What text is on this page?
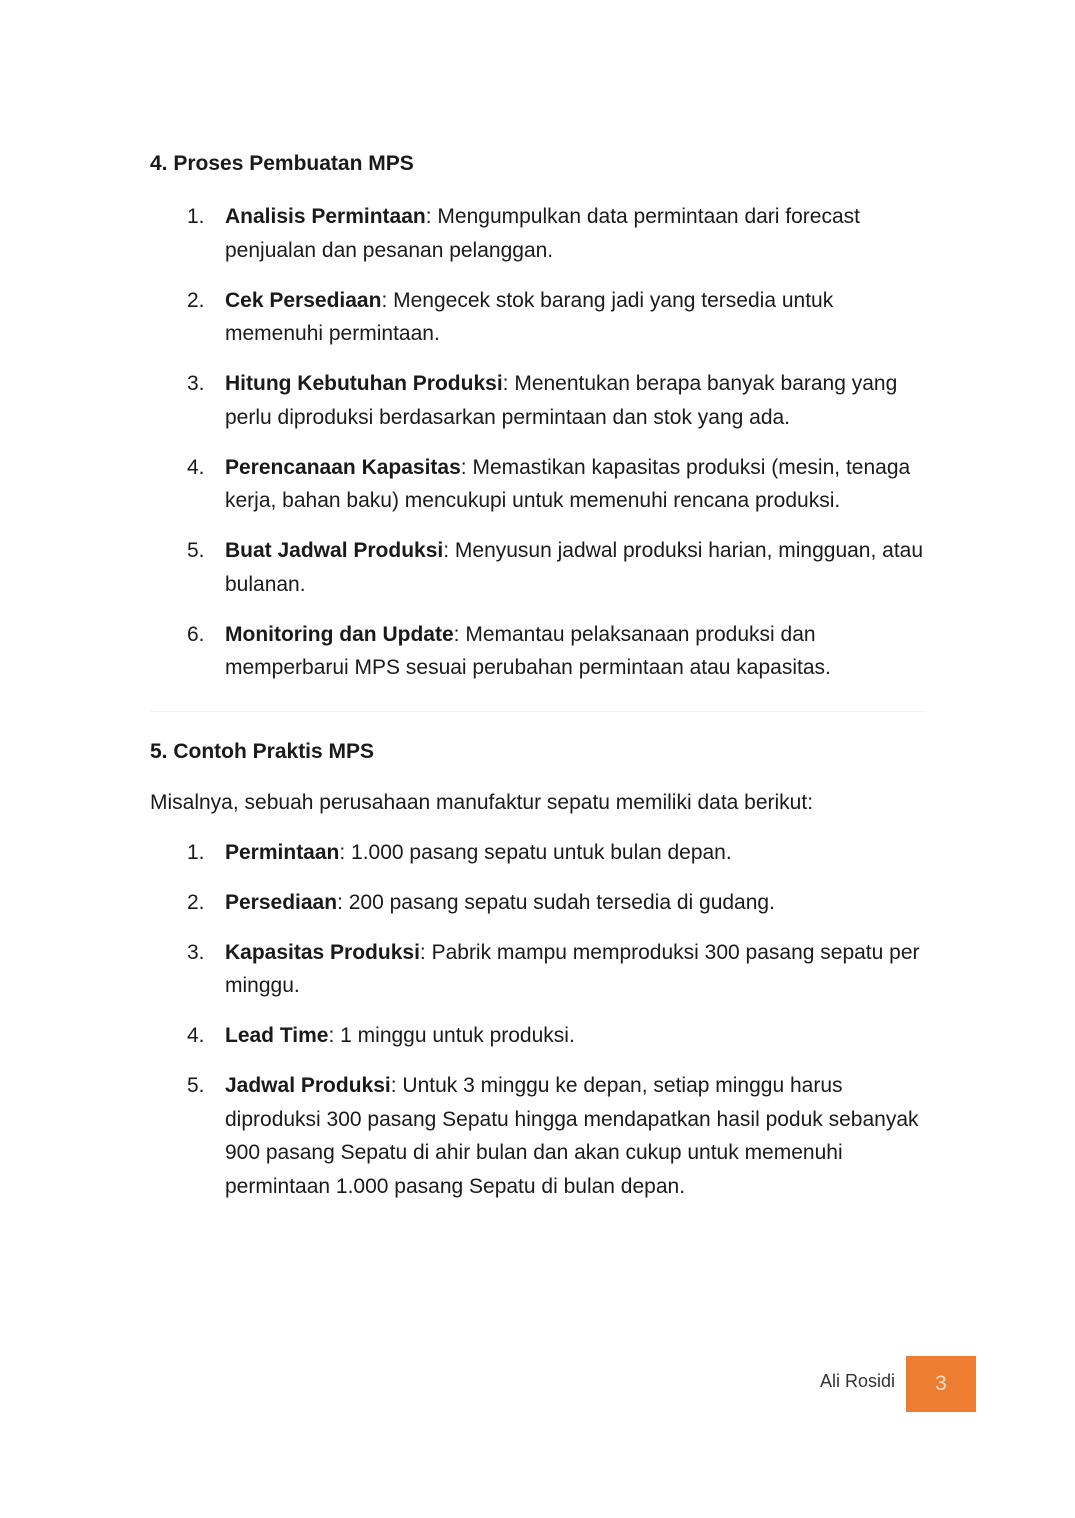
4. Proses Pembuatan MPS
1. Analisis Permintaan: Mengumpulkan data permintaan dari forecast penjualan dan pesanan pelanggan.
2. Cek Persediaan: Mengecek stok barang jadi yang tersedia untuk memenuhi permintaan.
3. Hitung Kebutuhan Produksi: Menentukan berapa banyak barang yang perlu diproduksi berdasarkan permintaan dan stok yang ada.
4. Perencanaan Kapasitas: Memastikan kapasitas produksi (mesin, tenaga kerja, bahan baku) mencukupi untuk memenuhi rencana produksi.
5. Buat Jadwal Produksi: Menyusun jadwal produksi harian, mingguan, atau bulanan.
6. Monitoring dan Update: Memantau pelaksanaan produksi dan memperbarui MPS sesuai perubahan permintaan atau kapasitas.
5. Contoh Praktis MPS

Misalnya, sebuah perusahaan manufaktur sepatu memiliki data berikut:

1. Permintaan: 1.000 pasang sepatu untuk bulan depan.
2. Persediaan: 200 pasang sepatu sudah tersedia di gudang.
3. Kapasitas Produksi: Pabrik mampu memproduksi 300 pasang sepatu per minggu.
4. Lead Time: 1 minggu untuk produksi.
5. Jadwal Produksi: Untuk 3 minggu ke depan, setiap minggu harus diproduksi 300 pasang Sepatu hingga mendapatkan hasil poduk sebanyak 900 pasang Sepatu di ahir bulan dan akan cukup untuk memenuhi permintaan 1.000 pasang Sepatu di bulan depan.
Ali Rosidi	3
